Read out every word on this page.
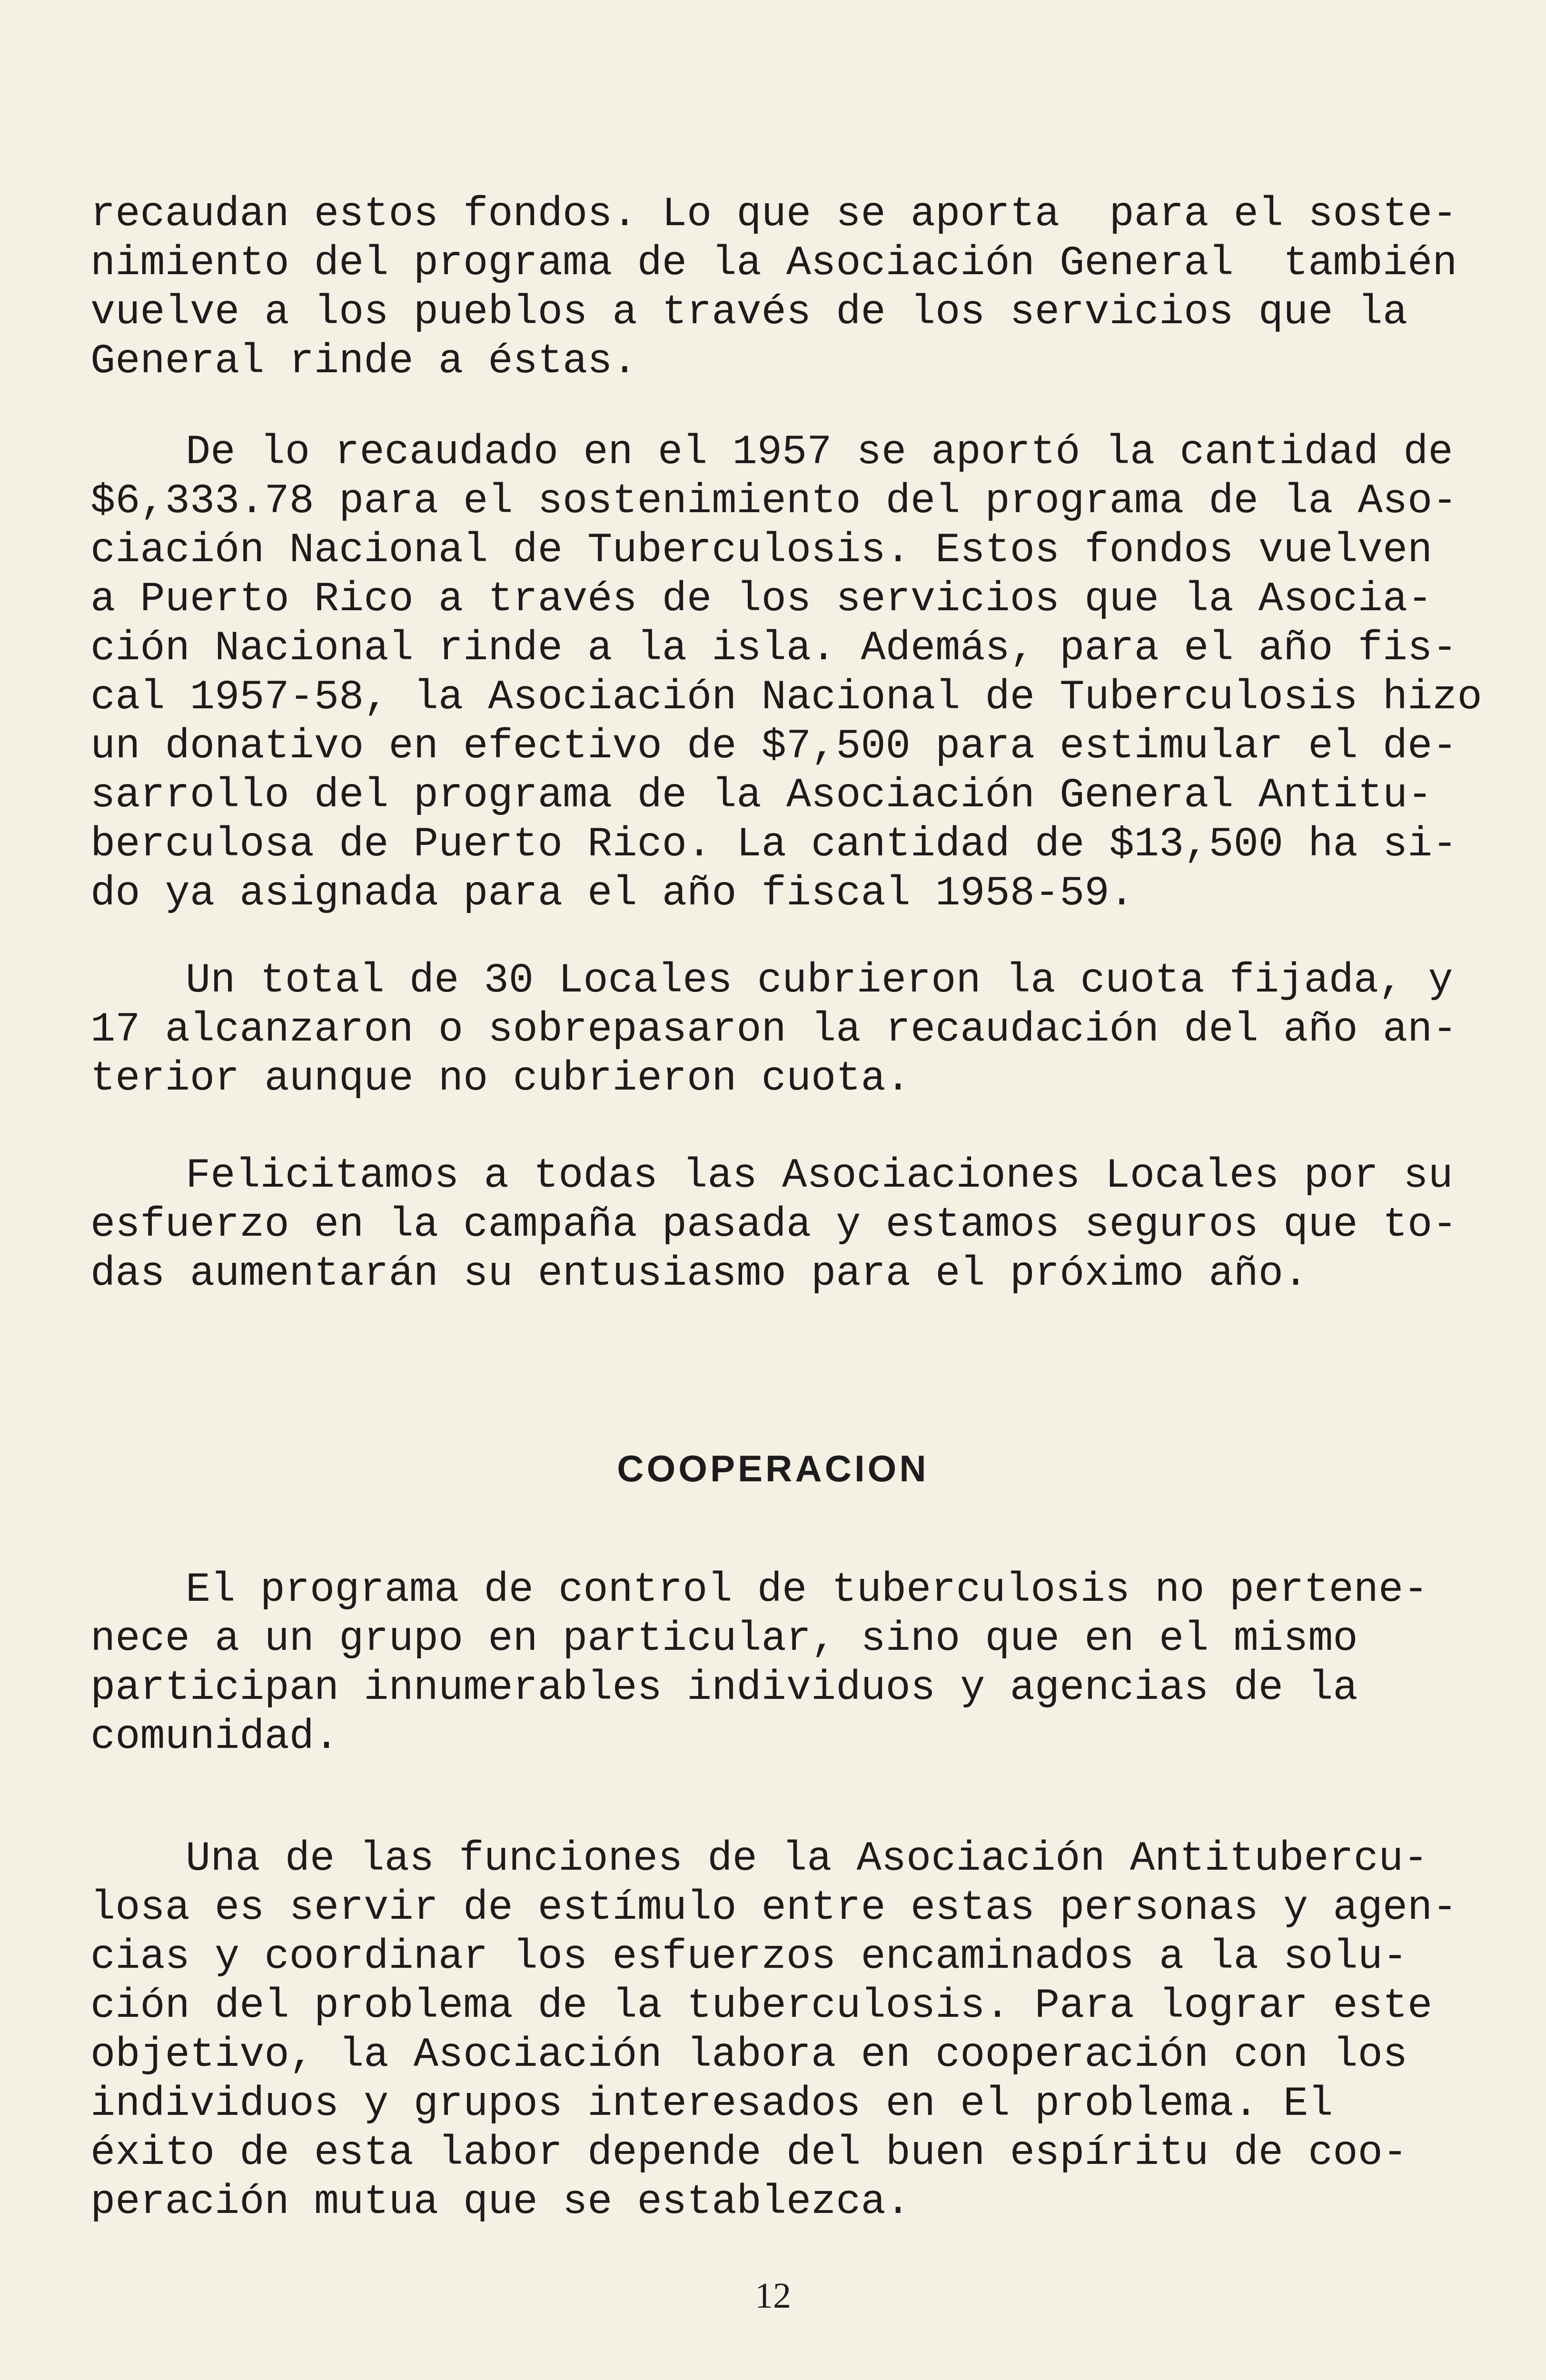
recaudan estos fondos. Lo que se aporta  para el soste-
nimiento del programa de la Asociación General  también
vuelve a los pueblos a través de los servicios que la
General rinde a éstas.
De lo recaudado en el 1957 se aportó la cantidad de
$6,333.78 para el sostenimiento del programa de la Aso-
ciación Nacional de Tuberculosis. Estos fondos vuelven
a Puerto Rico a través de los servicios que la Asocia-
ción Nacional rinde a la isla. Además, para el año fis-
cal 1957-58, la Asociación Nacional de Tuberculosis hizo
un donativo en efectivo de $7,500 para estimular el de-
sarrollo del programa de la Asociación General Antitu-
berculosa de Puerto Rico. La cantidad de $13,500 ha si-
do ya asignada para el año fiscal 1958-59.
Un total de 30 Locales cubrieron la cuota fijada, y
17 alcanzaron o sobrepasaron la recaudación del año an-
terior aunque no cubrieron cuota.
Felicitamos a todas las Asociaciones Locales por su
esfuerzo en la campaña pasada y estamos seguros que to-
das aumentarán su entusiasmo para el próximo año.
COOPERACION
El programa de control de tuberculosis no pertene-
nece a un grupo en particular, sino que en el mismo
participan innumerables individuos y agencias de la
comunidad.
Una de las funciones de la Asociación Antitubercu-
losa es servir de estímulo entre estas personas y agen-
cias y coordinar los esfuerzos encaminados a la solu-
ción del problema de la tuberculosis. Para lograr este
objetivo, la Asociación labora en cooperación con los
individuos y grupos interesados en el problema. El
éxito de esta labor depende del buen espíritu de coo-
peración mutua que se establezca.
12
